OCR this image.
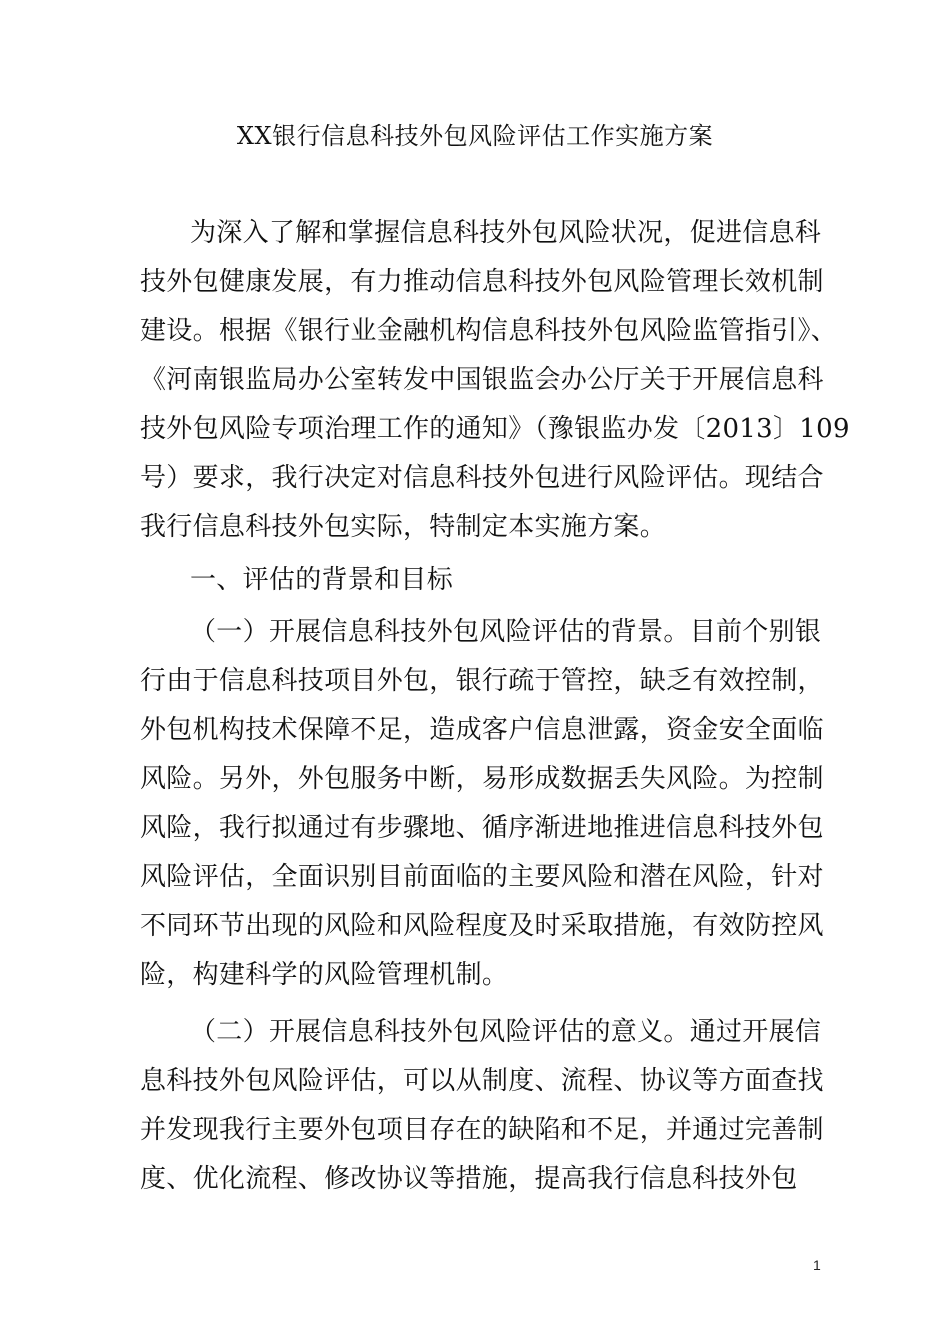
XX银行信息科技外包风险评估工作实施方案
为深入了解和掌握信息科技外包风险状况，促进信息科
技外包健康发展，有力推动信息科技外包风险管理长效机制
建设。根据《银行业金融机构信息科技外包风险监管指引》、
《河南银监局办公室转发中国银监会办公厅关于开展信息科
技外包风险专项治理工作的通知》（豫银监办发〔2013〕109
号）要求，我行决定对信息科技外包进行风险评估。现结合
我行信息科技外包实际，特制定本实施方案。
一、评估的背景和目标
（一）开展信息科技外包风险评估的背景。目前个别银
行由于信息科技项目外包，银行疏于管控，缺乏有效控制，
外包机构技术保障不足，造成客户信息泄露，资金安全面临
风险。另外，外包服务中断，易形成数据丢失风险。为控制
风险，我行拟通过有步骤地、循序渐进地推进信息科技外包
风险评估，全面识别目前面临的主要风险和潜在风险，针对
不同环节出现的风险和风险程度及时采取措施，有效防控风
险，构建科学的风险管理机制。
（二）开展信息科技外包风险评估的意义。通过开展信
息科技外包风险评估，可以从制度、流程、协议等方面查找
并发现我行主要外包项目存在的缺陷和不足，并通过完善制
度、优化流程、修改协议等措施，提高我行信息科技外包
1
